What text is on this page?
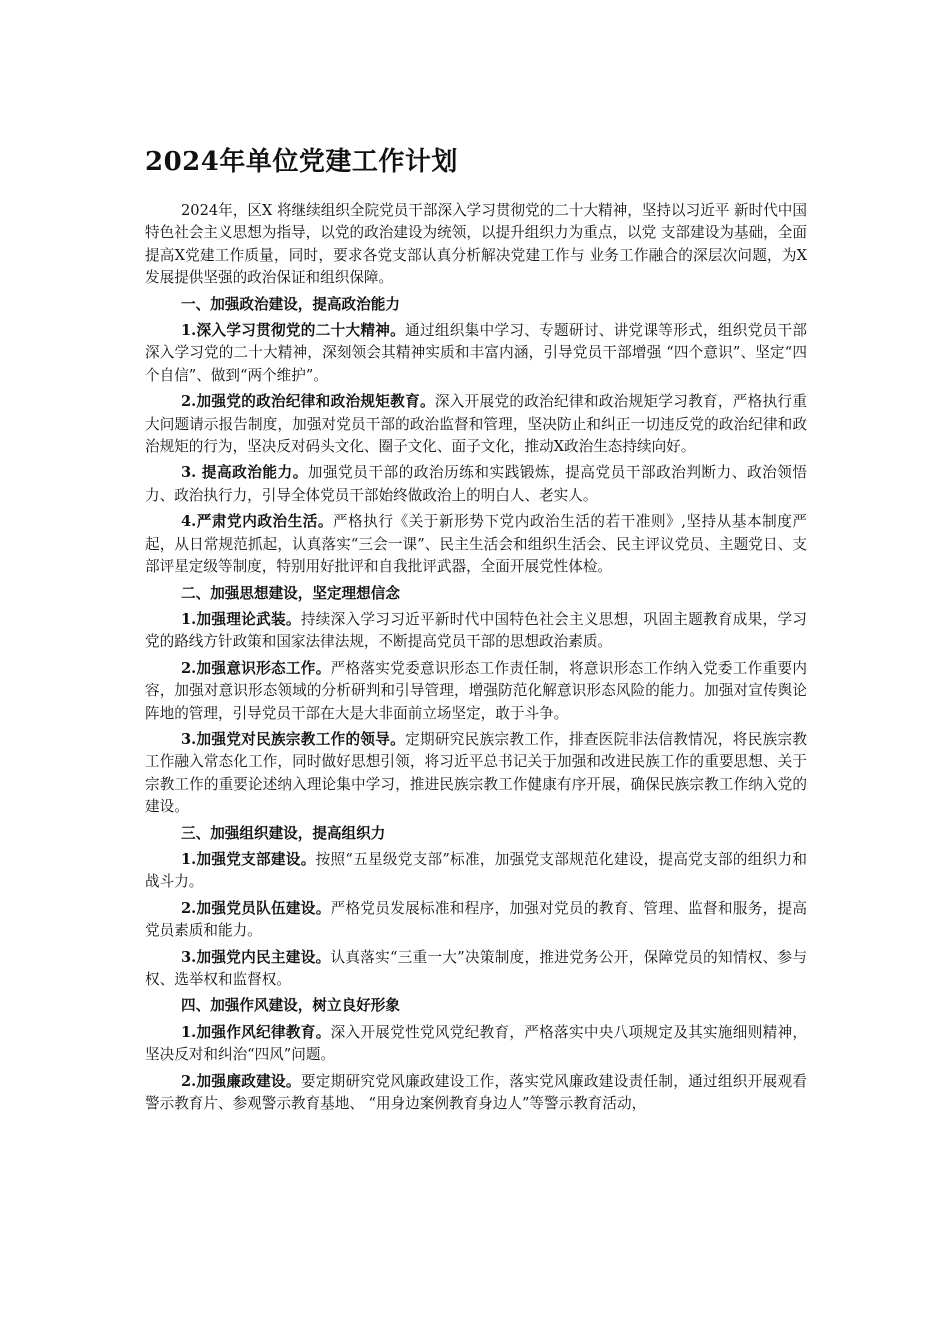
2024年单位党建工作计划

2024年，区X 将继续组织全院党员干部深入学习贯彻党的二十大精神，坚持以习近平 新时代中国特色社会主义思想为指导，以党的政治建设为统领，以提升组织力为重点，以党 支部建设为基础，全面提高X党建工作质量，同时，要求各党支部认真分析解决党建工作与 业务工作融合的深层次问题，为X发展提供坚强的政治保证和组织保障。

一、加强政治建设，提高政治能力

1.深入学习贯彻党的二十大精神。通过组织集中学习、专题研讨、讲党课等形式，组织党员干部深入学习党的二十大精神，深刻领会其精神实质和丰富内涵，引导党员干部增强 “四个意识”、坚定“四个自信”、做到“两个维护”。

2.加强党的政治纪律和政治规矩教育。深入开展党的政治纪律和政治规矩学习教育，严格执行重大问题请示报告制度，加强对党员干部的政治监督和管理，坚决防止和纠正一切违反党的政治纪律和政治规矩的行为，坚决反对码头文化、圈子文化、面子文化，推动X政治生态持续向好。

3. 提高政治能力。加强党员干部的政治历练和实践锻炼，提高党员干部政治判断力、政治领悟力、政治执行力，引导全体党员干部始终做政治上的明白人、老实人。

4.严肃党内政治生活。严格执行《关于新形势下党内政治生活的若干准则》,坚持从基本制度严起，从日常规范抓起，认真落实“三会一课”、民主生活会和组织生活会、民主评议党员、主题党日、支部评星定级等制度，特别用好批评和自我批评武器，全面开展党性体检。

二、加强思想建设，坚定理想信念

1.加强理论武装。持续深入学习习近平新时代中国特色社会主义思想，巩固主题教育成果，学习党的路线方针政策和国家法律法规，不断提高党员干部的思想政治素质。

2.加强意识形态工作。严格落实党委意识形态工作责任制，将意识形态工作纳入党委工作重要内容，加强对意识形态领域的分析研判和引导管理，增强防范化解意识形态风险的能力。加强对宣传舆论阵地的管理，引导党员干部在大是大非面前立场坚定，敢于斗争。

3.加强党对民族宗教工作的领导。定期研究民族宗教工作，排查医院非法信教情况，将民族宗教工作融入常态化工作，同时做好思想引领，将习近平总书记关于加强和改进民族工作的重要思想、关于宗教工作的重要论述纳入理论集中学习，推进民族宗教工作健康有序开展，确保民族宗教工作纳入党的建设。

三、加强组织建设，提高组织力

1.加强党支部建设。按照“五星级党支部”标准，加强党支部规范化建设，提高党支部的组织力和战斗力。

2.加强党员队伍建设。严格党员发展标准和程序，加强对党员的教育、管理、监督和服务，提高党员素质和能力。

3.加强党内民主建设。认真落实“三重一大”决策制度，推进党务公开，保障党员的知情权、参与权、选举权和监督权。

四、加强作风建设，树立良好形象

1.加强作风纪律教育。深入开展党性党风党纪教育，严格落实中央八项规定及其实施细则精神，坚决反对和纠治“四风”问题。

2.加强廉政建设。要定期研究党风廉政建设工作，落实党风廉政建设责任制，通过组织开展观看警示教育片、参观警示教育基地、 “用身边案例教育身边人”等警示教育活动，
